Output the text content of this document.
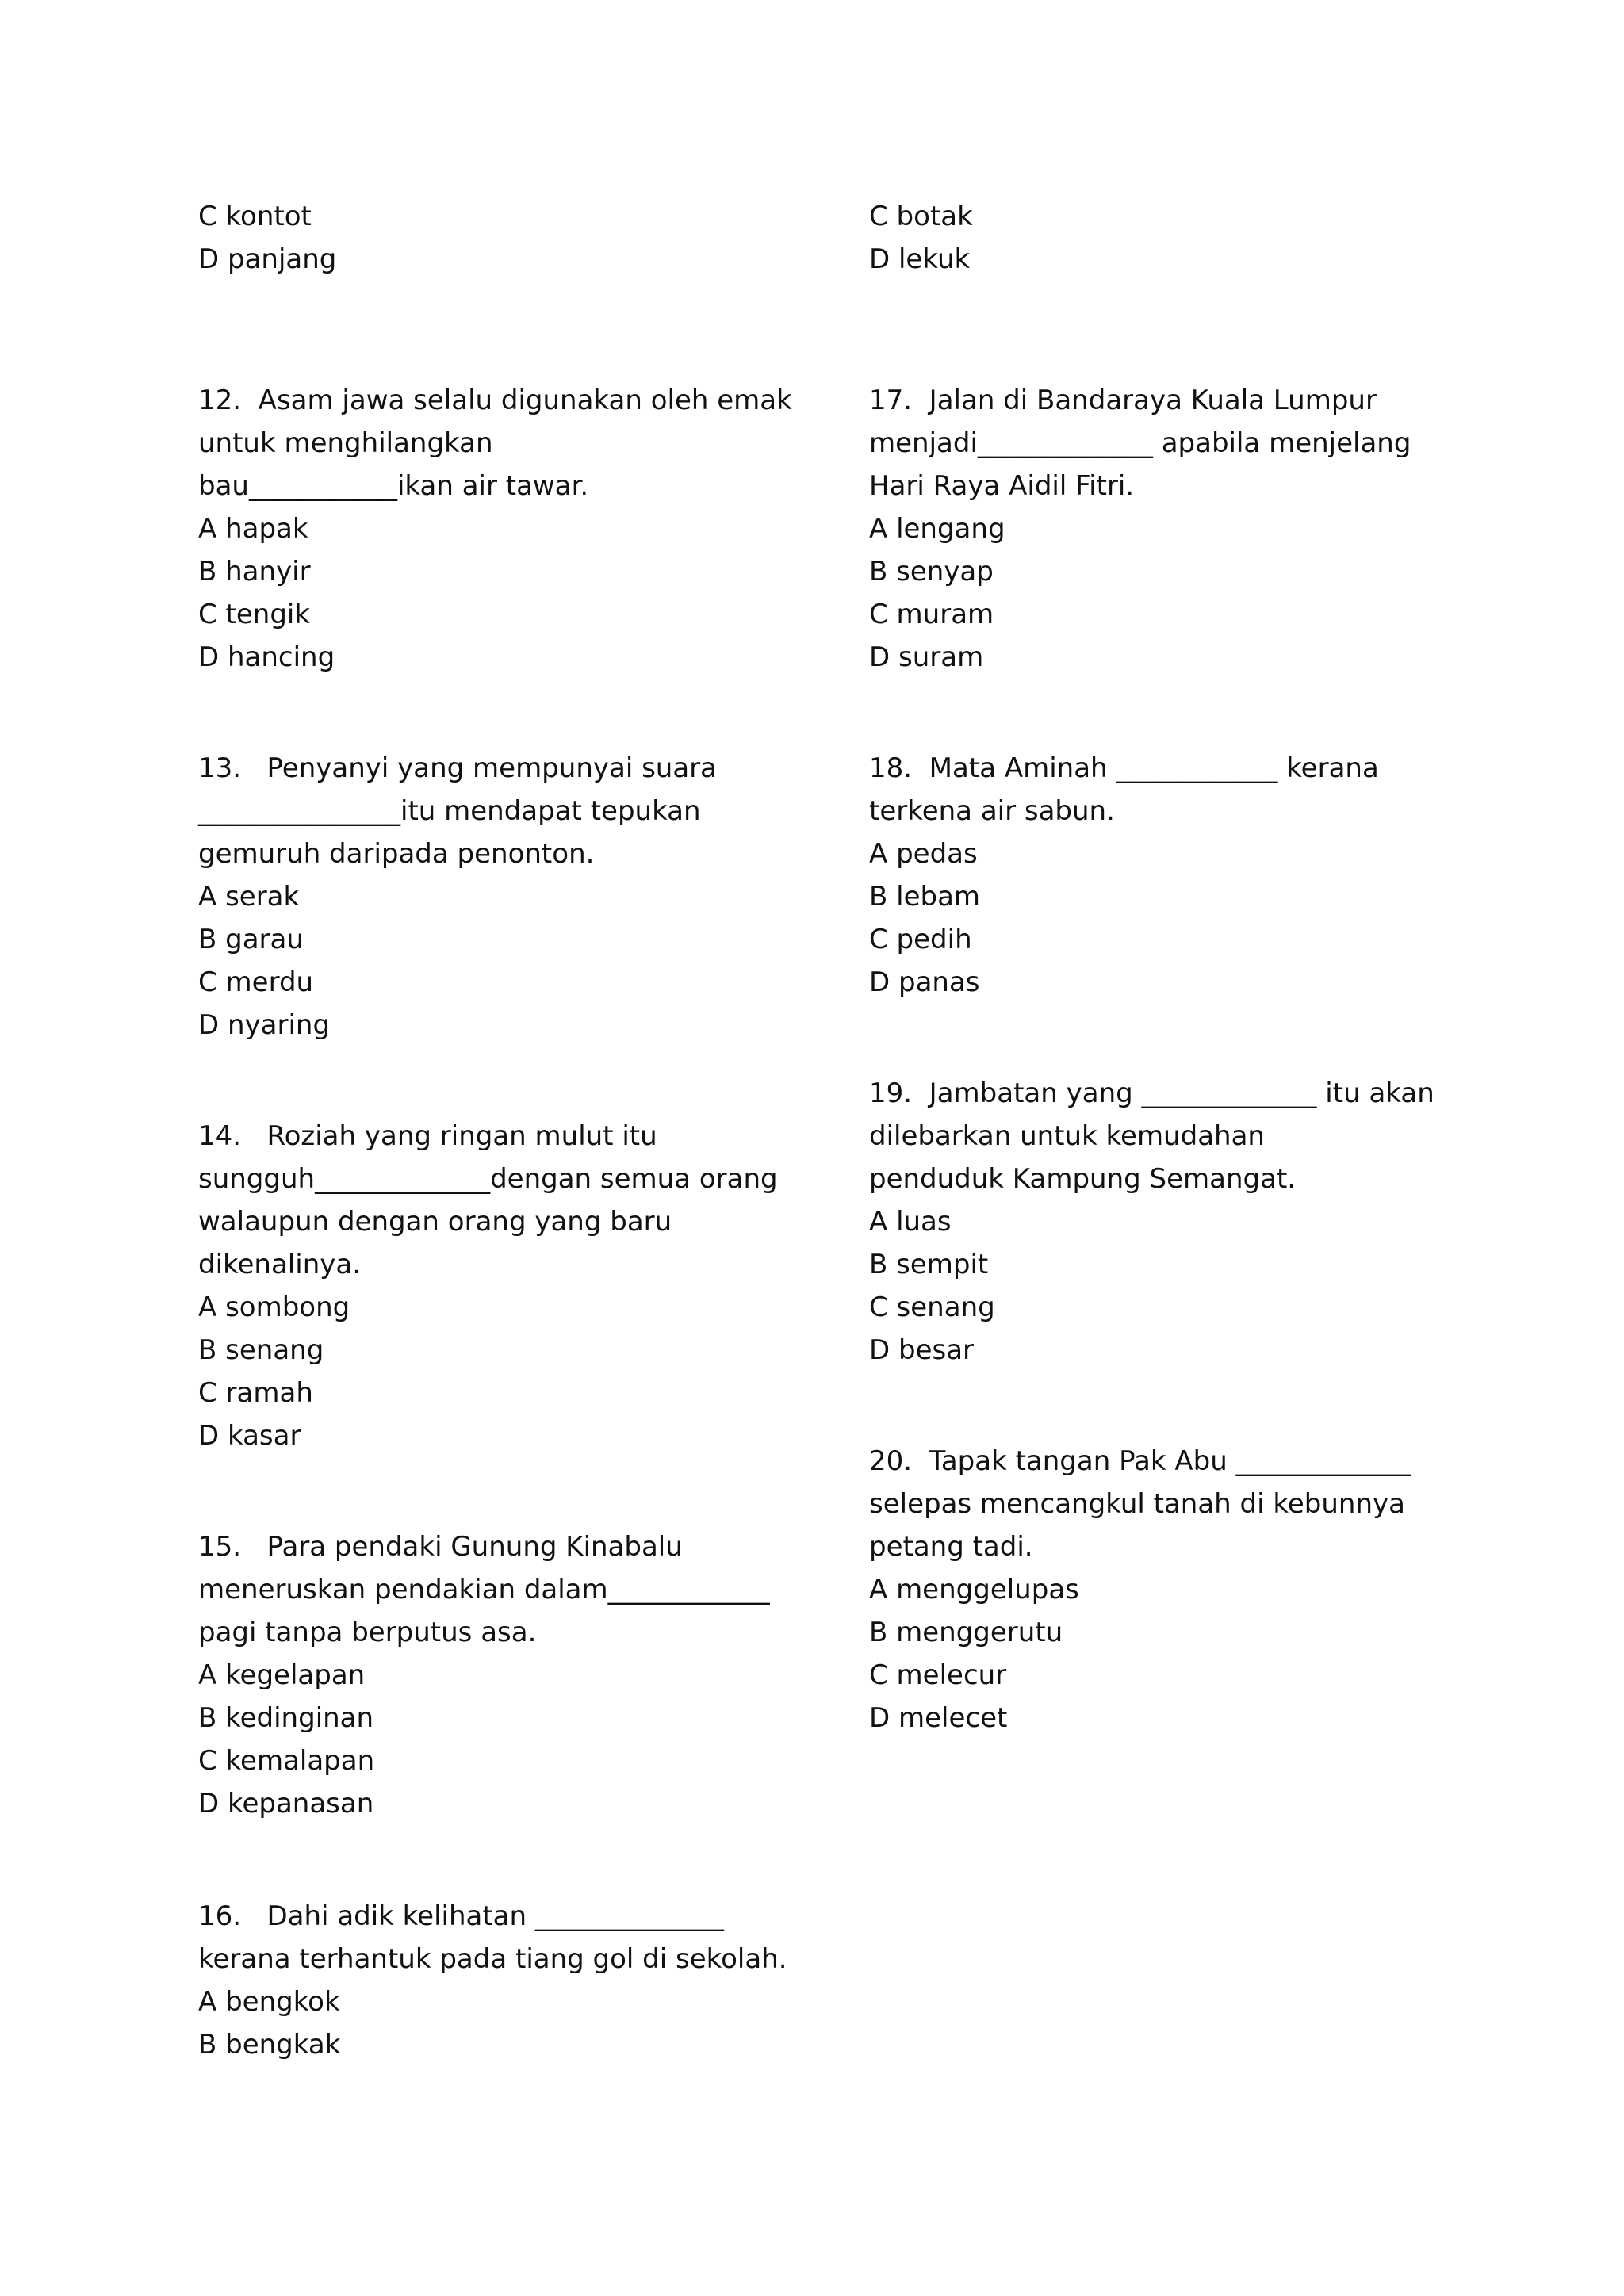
C kontot
D panjang
12.  Asam jawa selalu digunakan oleh emak
untuk menghilangkan
bau___________ikan air tawar.
A hapak
B hanyir
C tengik
D hancing
13.   Penyanyi yang mempunyai suara
_______________itu mendapat tepukan
gemuruh daripada penonton.
A serak
B garau
C merdu
D nyaring
14.   Roziah yang ringan mulut itu
sungguh_____________dengan semua orang
walaupun dengan orang yang baru
dikenalinya.
A sombong
B senang
C ramah
D kasar
15.   Para pendaki Gunung Kinabalu
meneruskan pendakian dalam____________
pagi tanpa berputus asa.
A kegelapan
B kedinginan
C kemalapan
D kepanasan
16.   Dahi adik kelihatan ______________
kerana terhantuk pada tiang gol di sekolah.
A bengkok
B bengkak
C botak
D lekuk
17.  Jalan di Bandaraya Kuala Lumpur
menjadi_____________ apabila menjelang
Hari Raya Aidil Fitri.
A lengang
B senyap
C muram
D suram
18.  Mata Aminah ____________ kerana
terkena air sabun.
A pedas
B lebam
C pedih
D panas
19.  Jambatan yang _____________ itu akan
dilebarkan untuk kemudahan
penduduk Kampung Semangat.
A luas
B sempit
C senang
D besar
20.  Tapak tangan Pak Abu _____________
selepas mencangkul tanah di kebunnya
petang tadi.
A menggelupas
B menggerutu
C melecur
D melecet
